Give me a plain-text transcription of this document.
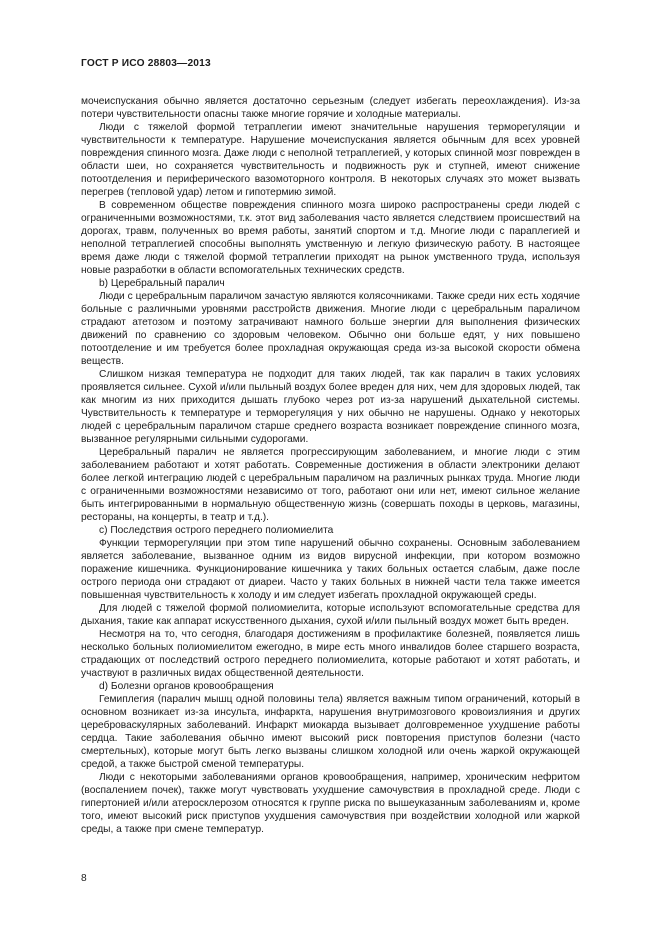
ГОСТ Р ИСО 28803—2013

мочеиспускания обычно является достаточно серьезным (следует избегать переохлаждения). Из-за потери чувствительности опасны также многие горячие и холодные материалы.

Люди с тяжелой формой тетраплегии имеют значительные нарушения терморегуляции и чувствительности к температуре. Нарушение мочеиспускания является обычным для всех уровней повреждения спинного мозга. Даже люди с неполной тетраплегией, у которых спинной мозг поврежден в области шеи, но сохраняется чувствительность и подвижность рук и ступней, имеют снижение потоотделения и периферического вазомоторного контроля. В некоторых случаях это может вызвать перегрев (тепловой удар) летом и гипотермию зимой.

В современном обществе повреждения спинного мозга широко распространены среди людей с ограниченными возможностями, т.к. этот вид заболевания часто является следствием происшествий на дорогах, травм, полученных во время работы, занятий спортом и т.д. Многие люди с параплегией и неполной тетраплегией способны выполнять умственную и легкую физическую работу. В настоящее время даже люди с тяжелой формой тетраплегии приходят на рынок умственного труда, используя новые разработки в области вспомогательных технических средств.

b) Церебральный паралич

Люди с церебральным параличом зачастую являются колясочниками. Также среди них есть ходячие больные с различными уровнями расстройств движения. Многие люди с церебральным параличом страдают атетозом и поэтому затрачивают намного больше энергии для выполнения физических движений по сравнению со здоровым человеком. Обычно они больше едят, у них повышено потоотделение и им требуется более прохладная окружающая среда из-за высокой скорости обмена веществ.

Слишком низкая температура не подходит для таких людей, так как паралич в таких условиях проявляется сильнее. Сухой и/или пыльный воздух более вреден для них, чем для здоровых людей, так как многим из них приходится дышать глубоко через рот из-за нарушений дыхательной системы. Чувствительность к температуре и терморегуляция у них обычно не нарушены. Однако у некоторых людей с церебральным параличом старше среднего возраста возникает повреждение спинного мозга, вызванное регулярными сильными судорогами.

Церебральный паралич не является прогрессирующим заболеванием, и многие люди с этим заболеванием работают и хотят работать. Современные достижения в области электроники делают более легкой интеграцию людей с церебральным параличом на различных рынках труда. Многие люди с ограниченными возможностями независимо от того, работают они или нет, имеют сильное желание быть интегрированными в нормальную общественную жизнь (совершать походы в церковь, магазины, рестораны, на концерты, в театр и т.д.).

c) Последствия острого переднего полиомиелита

Функции терморегуляции при этом типе нарушений обычно сохранены. Основным заболеванием является заболевание, вызванное одним из видов вирусной инфекции, при котором возможно поражение кишечника. Функционирование кишечника у таких больных остается слабым, даже после острого периода они страдают от диареи. Часто у таких больных в нижней части тела также имеется повышенная чувствительность к холоду и им следует избегать прохладной окружающей среды.

Для людей с тяжелой формой полиомиелита, которые используют вспомогательные средства для дыхания, такие как аппарат искусственного дыхания, сухой и/или пыльный воздух может быть вреден.

Несмотря на то, что сегодня, благодаря достижениям в профилактике болезней, появляется лишь несколько больных полиомиелитом ежегодно, в мире есть много инвалидов более старшего возраста, страдающих от последствий острого переднего полиомиелита, которые работают и хотят работать, и участвуют в различных видах общественной деятельности.

d) Болезни органов кровообращения

Гемиплегия (паралич мышц одной половины тела) является важным типом ограничений, который в основном возникает из-за инсульта, инфаркта, нарушения внутримозгового кровоизлияния и других цереброваскулярных заболеваний. Инфаркт миокарда вызывает долговременное ухудшение работы сердца. Такие заболевания обычно имеют высокий риск повторения приступов болезни (часто смертельных), которые могут быть легко вызваны слишком холодной или очень жаркой окружающей средой, а также быстрой сменой температуры.

Люди с некоторыми заболеваниями органов кровообращения, например, хроническим нефритом (воспалением почек), также могут чувствовать ухудшение самочувствия в прохладной среде. Люди с гипертонией и/или атеросклерозом относятся к группе риска по вышеуказанным заболеваниям и, кроме того, имеют высокий риск приступов ухудшения самочувствия при воздействии холодной или жаркой среды, а также при смене температур.

8
